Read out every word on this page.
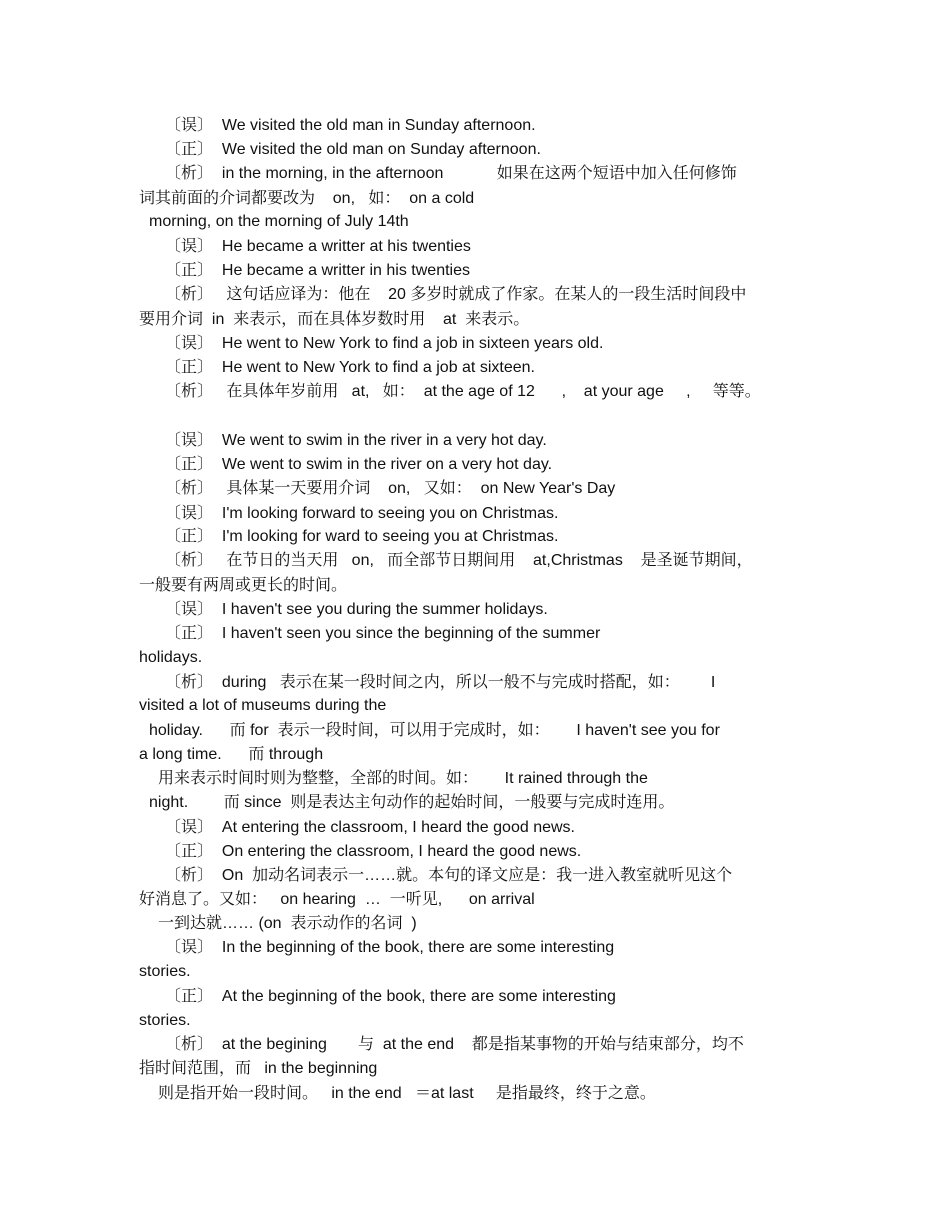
〔误〕  We visited the old man in Sunday afternoon.
〔正〕  We visited the old man on Sunday afternoon.
〔析〕  in the morning, in the afternoon            如果在这两个短语中加入任何修饰
词其前面的介词都要改为    on,   如：  on a cold
morning, on the morning of July 14th
〔误〕  He became a writter at his twenties
〔正〕  He became a writter in his twenties
〔析〕   这句话应译为：他在    20 多岁时就成了作家。在某人的一段生活时间段中
要用介词  in  来表示，而在具体岁数时用    at  来表示。
〔误〕  He went to New York to find a job in sixteen years old.
〔正〕  He went to New York to find a job at sixteen.
〔析〕   在具体年岁前用   at,   如：  at the age of 12      ,    at your age     ,     等等。
〔误〕  We went to swim in the river in a very hot day.
〔正〕  We went to swim in the river on a very hot day.
〔析〕   具体某一天要用介词    on,   又如：  on New Year's Day
〔误〕  I'm looking forward to seeing you on Christmas.
〔正〕  I'm looking for ward to seeing you at Christmas.
〔析〕   在节日的当天用   on,   而全部节日期间用    at,Christmas    是圣诞节期间，
一般要有两周或更长的时间。
〔误〕  I haven't see you during the summer holidays.
〔正〕  I haven't seen you since the beginning of the summer
holidays.
〔析〕  during   表示在某一段时间之内，所以一般不与完成时搭配，如：       I
visited a lot of museums during the
holiday.      而 for  表示一段时间，可以用于完成时，如：      I haven't see you for
a long time.      而 through
用来表示时间时则为整整，全部的时间。如：      It rained through the
night.        而 since  则是表达主句动作的起始时间，一般要与完成时连用。
〔误〕  At entering the classroom, I heard the good news.
〔正〕  On entering the classroom, I heard the good news.
〔析〕  On  加动名词表示一……就。本句的译文应是：我一进入教室就听见这个
好消息了。又如：   on hearing  …  一听见,      on arrival
一到达就…… (on  表示动作的名词  )
〔误〕  In the beginning of the book, there are some interesting
stories.
〔正〕  At the beginning of the book, there are some interesting
stories.
〔析〕  at the begining       与  at the end    都是指某事物的开始与结束部分，均不
指时间范围，而   in the beginning
则是指开始一段时间。   in the end   ＝at last     是指最终，终于之意。
